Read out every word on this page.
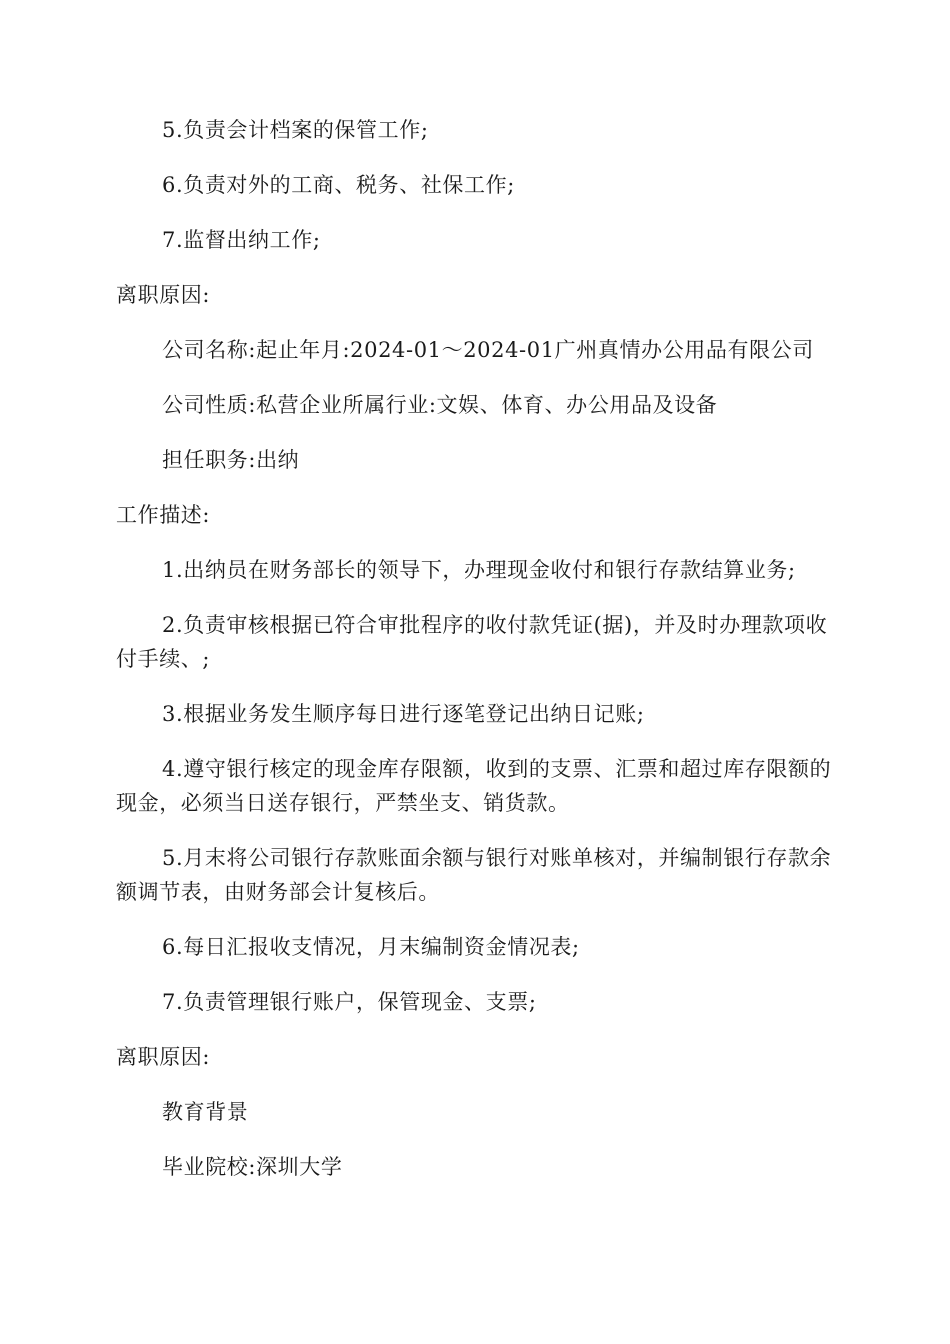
5.负责会计档案的保管工作;

6.负责对外的工商、税务、社保工作;

7.监督出纳工作;

离职原因:

公司名称:起止年月:2024-01～2024-01广州真情办公用品有限公司

公司性质:私营企业所属行业:文娱、体育、办公用品及设备

担任职务:出纳

工作描述:

1.出纳员在财务部长的领导下，办理现金收付和银行存款结算业务;

2.负责审核根据已符合审批程序的收付款凭证(据)，并及时办理款项收付手续、;

3.根据业务发生顺序每日进行逐笔登记出纳日记账;

4.遵守银行核定的现金库存限额，收到的支票、汇票和超过库存限额的现金，必须当日送存银行，严禁坐支、销货款。

5.月末将公司银行存款账面余额与银行对账单核对，并编制银行存款余额调节表，由财务部会计复核后。

6.每日汇报收支情况，月末编制资金情况表;

7.负责管理银行账户，保管现金、支票;

离职原因:

教育背景

毕业院校:深圳大学
